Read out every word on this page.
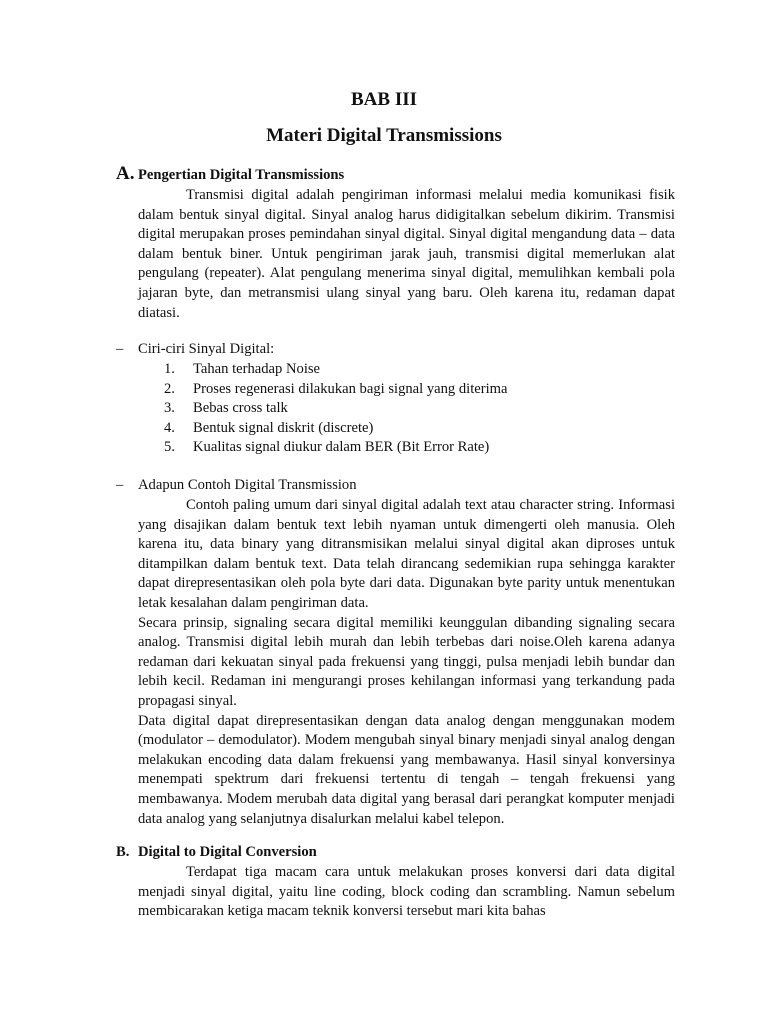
BAB III
Materi Digital Transmissions
A. Pengertian Digital Transmissions

Transmisi digital adalah pengiriman informasi melalui media komunikasi fisik dalam bentuk sinyal digital. Sinyal analog harus didigitalkan sebelum dikirim. Transmisi digital merupakan proses pemindahan sinyal digital. Sinyal digital mengandung data – data dalam bentuk biner. Untuk pengiriman jarak jauh, transmisi digital memerlukan alat pengulang (repeater). Alat pengulang menerima sinyal digital, memulihkan kembali pola jajaran byte, dan metransmisi ulang sinyal yang baru. Oleh karena itu, redaman dapat diatasi.

– Ciri-ciri Sinyal Digital:
1. Tahan terhadap Noise
2. Proses regenerasi dilakukan bagi signal yang diterima
3. Bebas cross talk
4. Bentuk signal diskrit (discrete)
5. Kualitas signal diukur dalam BER (Bit Error Rate)
– Adapun Contoh Digital Transmission

Contoh paling umum dari sinyal digital adalah text atau character string. Informasi yang disajikan dalam bentuk text lebih nyaman untuk dimengerti oleh manusia. Oleh karena itu, data binary yang ditransmisikan melalui sinyal digital akan diproses untuk ditampilkan dalam bentuk text. Data telah dirancang sedemikian rupa sehingga karakter dapat direpresentasikan oleh pola byte dari data. Digunakan byte parity untuk menentukan letak kesalahan dalam pengiriman data.

Secara prinsip, signaling secara digital memiliki keunggulan dibanding signaling secara analog. Transmisi digital lebih murah dan lebih terbebas dari noise.Oleh karena adanya redaman dari kekuatan sinyal pada frekuensi yang tinggi, pulsa menjadi lebih bundar dan lebih kecil. Redaman ini mengurangi proses kehilangan informasi yang terkandung pada propagasi sinyal.

Data digital dapat direpresentasikan dengan data analog dengan menggunakan modem (modulator – demodulator). Modem mengubah sinyal binary menjadi sinyal analog dengan melakukan encoding data dalam frekuensi yang membawanya. Hasil sinyal konversinya menempati spektrum dari frekuensi tertentu di tengah – tengah frekuensi yang membawanya. Modem merubah data digital yang berasal dari perangkat komputer menjadi data analog yang selanjutnya disalurkan melalui kabel telepon.

B. Digital to Digital Conversion

Terdapat tiga macam cara untuk melakukan proses konversi dari data digital menjadi sinyal digital, yaitu line coding, block coding dan scrambling. Namun sebelum membicarakan ketiga macam teknik konversi tersebut mari kita bahas
